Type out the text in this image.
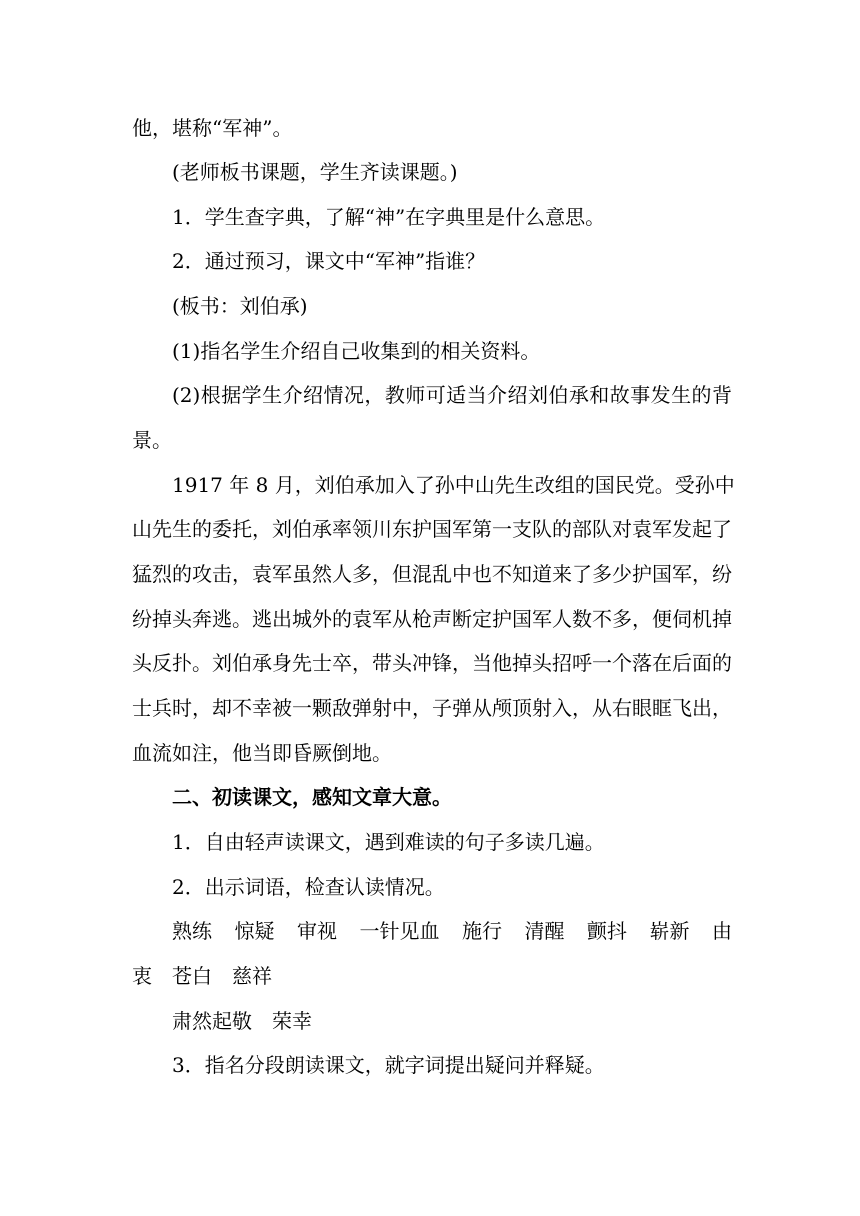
他，堪称“军神”。

(老师板书课题，学生齐读课题。)

1．学生查字典，了解“神”在字典里是什么意思。

2．通过预习，课文中“军神”指谁？

(板书：刘伯承)

(1)指名学生介绍自己收集到的相关资料。

(2)根据学生介绍情况，教师可适当介绍刘伯承和故事发生的背

景。

1917 年 8 月，刘伯承加入了孙中山先生改组的国民党。受孙中

山先生的委托，刘伯承率领川东护国军第一支队的部队对袁军发起了

猛烈的攻击，袁军虽然人多，但混乱中也不知道来了多少护国军，纷

纷掉头奔逃。逃出城外的袁军从枪声断定护国军人数不多，便伺机掉

头反扑。刘伯承身先士卒，带头冲锋，当他掉头招呼一个落在后面的

士兵时，却不幸被一颗敌弹射中，子弹从颅顶射入，从右眼眶飞出，

血流如注，他当即昏厥倒地。

二、初读课文，感知文章大意。

1．自由轻声读课文，遇到难读的句子多读几遍。

2．出示词语，检查认读情况。

熟练 惊疑 审视 一针见血 施行 清醒 颤抖 崭新 由
衷 苍白 慈祥
肃然起敬 荣幸

3．指名分段朗读课文，就字词提出疑问并释疑。
